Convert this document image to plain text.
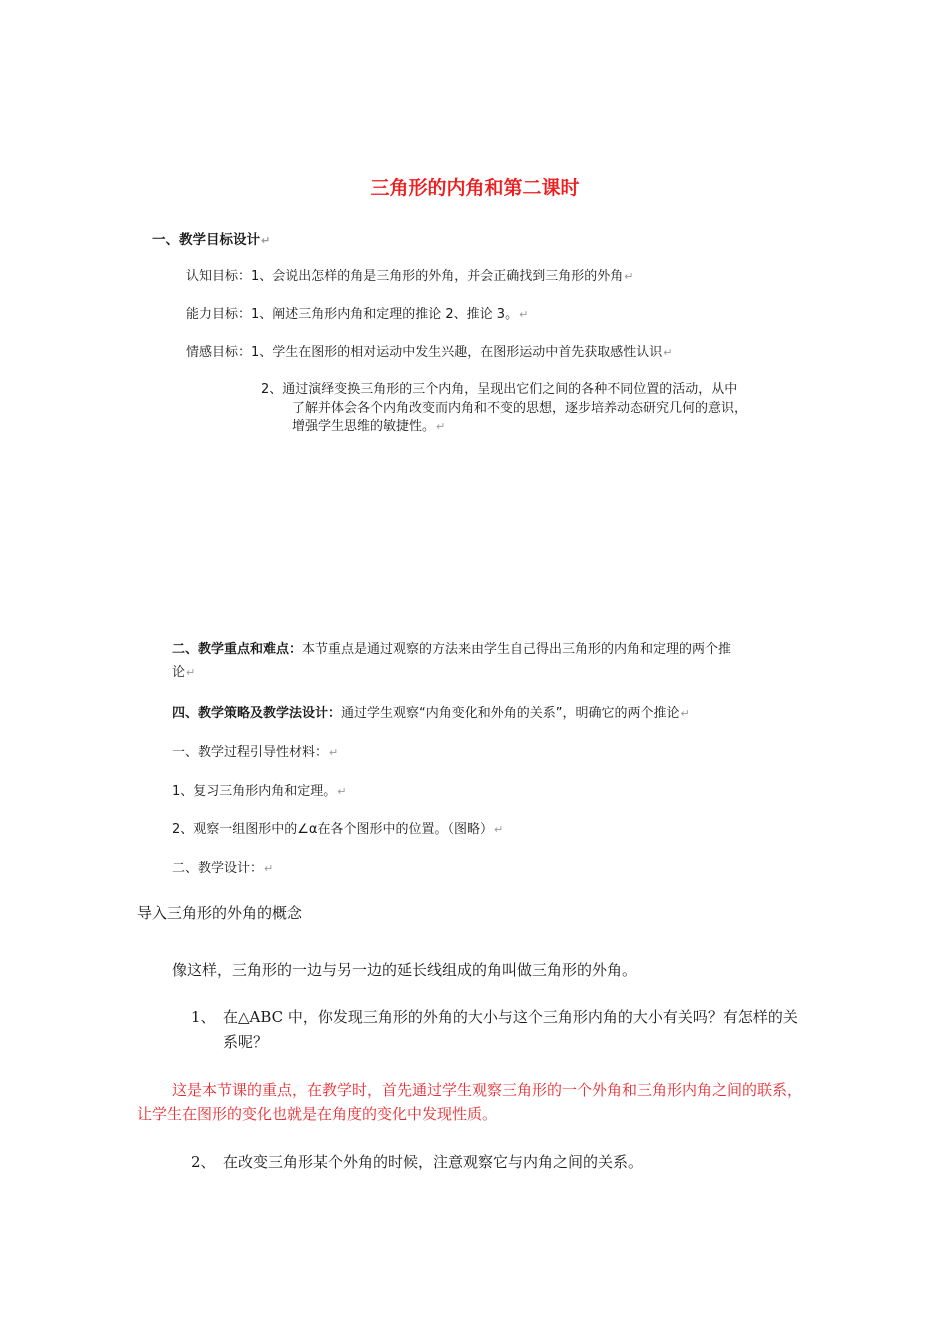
三角形的内角和第二课时
一、教学目标设计↵
认知目标：1、会说出怎样的角是三角形的外角，并会正确找到三角形的外角↵
能力目标：1、阐述三角形内角和定理的推论 2、推论 3。↵
情感目标：1、学生在图形的相对运动中发生兴趣，在图形运动中首先获取感性认识↵
2、通过演绎变换三角形的三个内角，呈现出它们之间的各种不同位置的活动，从中
了解并体会各个内角改变而内角和不变的思想，逐步培养动态研究几何的意识，
增强学生思维的敏捷性。↵
二、教学重点和难点：本节重点是通过观察的方法来由学生自己得出三角形的内角和定理的两个推
论↵
四、教学策略及教学法设计：通过学生观察“内角变化和外角的关系”，明确它的两个推论↵
一、教学过程引导性材料：↵
1、复习三角形内角和定理。↵
2、观察一组图形中的∠α在各个图形中的位置。（图略）↵
二、教学设计：↵
导入三角形的外角的概念
像这样，三角形的一边与另一边的延长线组成的角叫做三角形的外角。
1、 在△ABC 中，你发现三角形的外角的大小与这个三角形内角的大小有关吗？有怎样的关
系呢？
这是本节课的重点，在教学时，首先通过学生观察三角形的一个外角和三角形内角之间的联系，
让学生在图形的变化也就是在角度的变化中发现性质。
2、 在改变三角形某个外角的时候，注意观察它与内角之间的关系。
